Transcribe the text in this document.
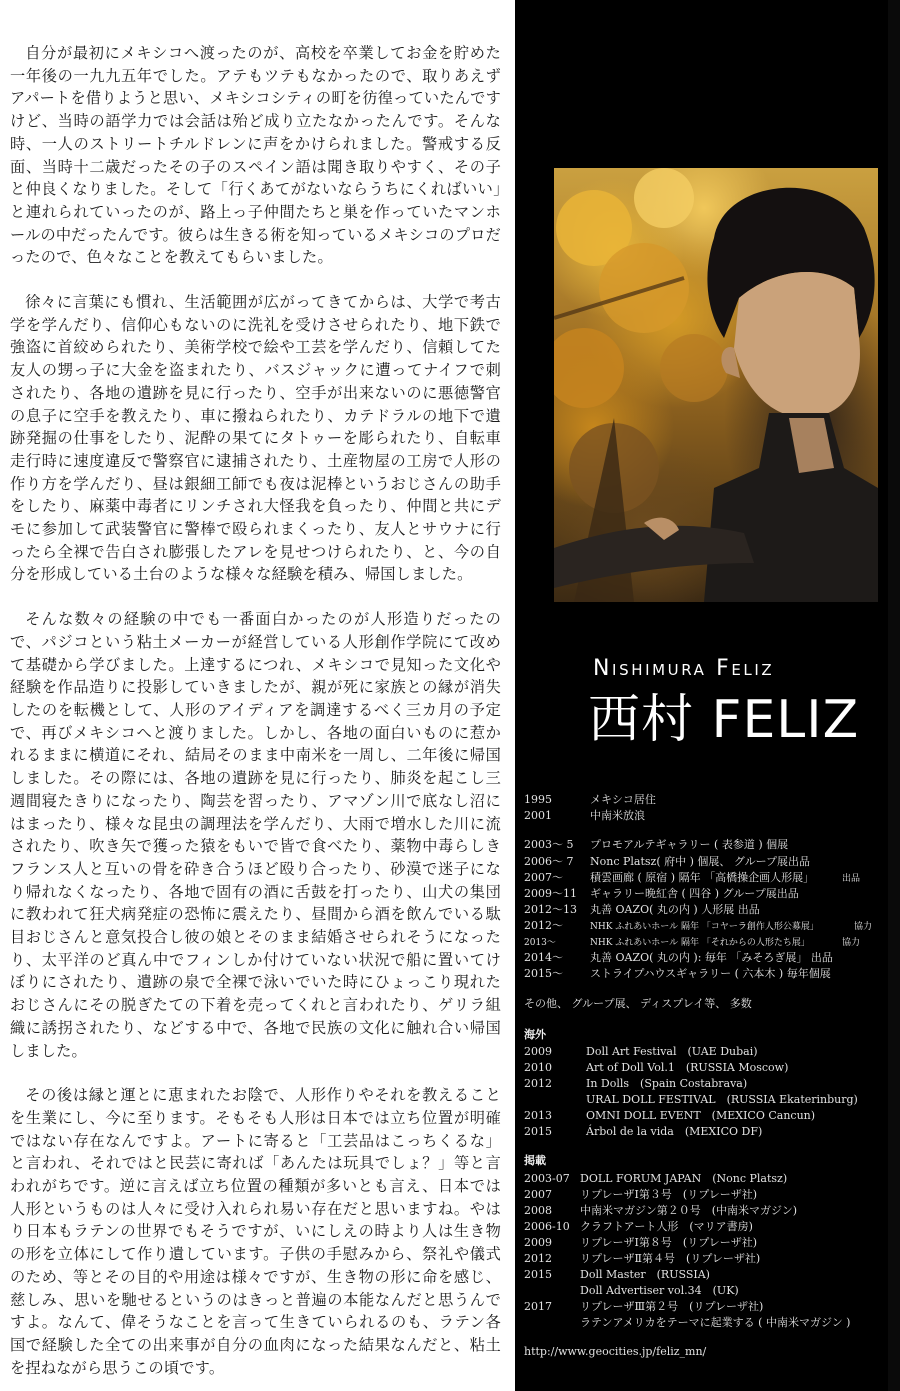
自分が最初にメキシコへ渡ったのが、高校を卒業してお金を貯めた一年後の一九九五年でした。アテもツテもなかったので、取りあえずアパートを借りようと思い、メキシコシティの町を彷徨っていたんですけど、当時の語学力では会話は殆ど成り立たなかったんです。そんな時、一人のストリートチルドレンに声をかけられました。警戒する反面、当時十二歳だったその子のスペイン語は聞き取りやすく、その子と仲良くなりました。そして「行くあてがないならうちにくればいい」と連れられていったのが、路上っ子仲間たちと巣を作っていたマンホールの中だったんです。彼らは生きる術を知っているメキシコのプロだったので、色々なことを教えてもらいました。

徐々に言葉にも慣れ、生活範囲が広がってきてからは、大学で考古学を学んだり、信仰心もないのに洗礼を受けさせられたり、地下鉄で強盗に首絞められたり、美術学校で絵や工芸を学んだり、信頼してた友人の甥っ子に大金を盗まれたり、バスジャックに遭ってナイフで刺されたり、各地の遺跡を見に行ったり、空手が出来ないのに悪徳警官の息子に空手を教えたり、車に撥ねられたり、カテドラルの地下で遺跡発掘の仕事をしたり、泥酔の果てにタトゥーを彫られたり、自転車走行時に速度違反で警察官に逮捕されたり、土産物屋の工房で人形の作り方を学んだり、昼は銀細工師でも夜は泥棒というおじさんの助手をしたり、麻薬中毒者にリンチされ大怪我を負ったり、仲間と共にデモに参加して武装警官に警棒で殴られまくったり、友人とサウナに行ったら全裸で告白され膨張したアレを見せつけられたり、と、今の自分を形成している土台のような様々な経験を積み、帰国しました。

そんな数々の経験の中でも一番面白かったのが人形造りだったので、パジコという粘土メーカーが経営している人形創作学院にて改めて基礎から学びました。上達するにつれ、メキシコで見知った文化や経験を作品造りに投影していきましたが、親が死に家族との縁が消失したのを転機として、人形のアイディアを調達するべく三カ月の予定で、再びメキシコへと渡りました。しかし、各地の面白いものに惹かれるままに横道にそれ、結局そのまま中南米を一周し、二年後に帰国しました。その際には、各地の遺跡を見に行ったり、肺炎を起こし三週間寝たきりになったり、陶芸を習ったり、アマゾン川で底なし沼にはまったり、様々な昆虫の調理法を学んだり、大雨で増水した川に流されたり、吹き矢で獲った猿をもいで皆で食べたり、薬物中毒らしきフランス人と互いの骨を砕き合うほど殴り合ったり、砂漠で迷子になり帰れなくなったり、各地で固有の酒に舌鼓を打ったり、山犬の集団に教われて狂犬病発症の恐怖に震えたり、昼間から酒を飲んでいる駄目おじさんと意気投合し彼の娘とそのまま結婚させられそうになったり、太平洋のど真ん中でフィンしか付けていない状況で船に置いてけぼりにされたり、遺跡の泉で全裸で泳いでいた時にひょっこり現れたおじさんにその脱ぎたての下着を売ってくれと言われたり、ゲリラ組織に誘拐されたり、などする中で、各地で民族の文化に触れ合い帰国しました。

その後は縁と運とに恵まれたお陰で、人形作りやそれを教えることを生業にし、今に至ります。そもそも人形は日本では立ち位置が明確ではない存在なんですよ。アートに寄ると「工芸品はこっちくるな」と言われ、それではと民芸に寄れば「あんたは玩具でしょ？」等と言われがちです。逆に言えば立ち位置の種類が多いとも言え、日本では人形というものは人々に受け入れられ易い存在だと思いますね。やはり日本もラテンの世界でもそうですが、いにしえの時より人は生き物の形を立体にして作り遺しています。子供の手慰みから、祭礼や儀式のため、等とその目的や用途は様々ですが、生き物の形に命を感じ、慈しみ、思いを馳せるというのはきっと普遍の本能なんだと思うんですよ。なんて、偉そうなことを言って生きていられるのも、ラテン各国で経験した全ての出来事が自分の血肉になった結果なんだと、粘土を捏ねながら思うこの頃です。

Nishimura Feliz
西村 FELIZ
1995	メキシコ居住
2001	中南米放浪
2003～ 5 プロモアルテギャラリー ( 表参道 ) 個展
2006～ 7 Nonc Platsz( 府中 ) 個展、 グループ展出品
2007～ 積雲画廊 ( 原宿 ) 隔年 「高橋操企画人形展」	出品
2009～11 ギャラリー晩紅舎 ( 四谷 ) グループ展出品
2012～13 丸善 OAZO( 丸の内 ) 人形展 出品
2012～	NHK ふれあいホール 隔年 「コヤーラ創作人形公募展」	協力
2013～	NHK ふれあいホール 隔年 「それからの人形たち展」	協力
2014～ 丸善 OAZO( 丸の内 ): 毎年 「みそろぎ展」 出品
2015～ ストライプハウスギャラリー ( 六本木 ) 毎年個展
その他、 グループ展、 ディスプレイ等、 多数
海外
2009	Doll Art Festival　(UAE Dubai)
2010	Art of Doll Vol.1　(RUSSIA Moscow)
2012	In Dolls　(Spain Costabrava)
URAL DOLL FESTIVAL　(RUSSIA Ekaterinburg)
2013	OMNI DOLL EVENT　(MEXICO Cancun)
2015	Árbol de la vida　(MEXICO DF)
掲載
2003-07 DOLL FORUM JAPAN　(Nonc Platsz)
2007	リプレーザⅠ第３号　(リプレーザ社)
2008	中南米マガジン第２０号　(中南米マガジン)
2006-10 クラフトアート人形　(マリア書房)
2009	リプレーザⅠ第８号　(リプレーザ社)
2012	リプレーザⅡ第４号　(リプレーザ社)
2015	Doll Master　(RUSSIA)
Doll Advertiser vol.34　(UK)
2017	リプレーザⅢ第２号　(リプレーザ社)
ラテンアメリカをテーマに起業する ( 中南米マガジン )
http://www.geocities.jp/feliz_mn/
